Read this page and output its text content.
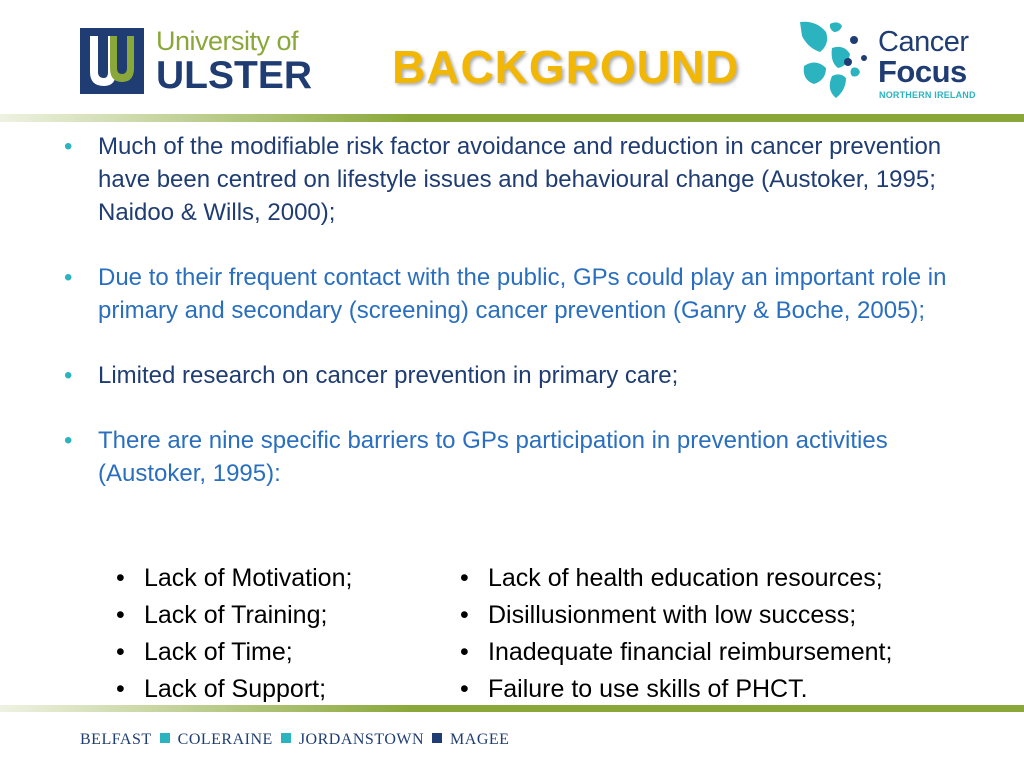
University of
ULSTER BACKGROUND	Cancer
Focus
NORTHERN IRELAND
• Much of the modifiable risk factor avoidance and reduction in cancer prevention have been centred on lifestyle issues and behavioural change (Austoker, 1995; Naidoo & Wills, 2000);
• Due to their frequent contact with the public, GPs could play an important role in primary and secondary (screening) cancer prevention (Ganry & Boche, 2005);
• Limited research on cancer prevention in primary care;
• There are nine specific barriers to GPs participation in prevention activities (Austoker, 1995):
• Lack of Motivation;
• Lack of Training;
• Lack of Time;
• Lack of Support;
• Lack of health education resources;
• Disillusionment with low success;
• Inadequate financial reimbursement;
• Failure to use skills of PHCT.
BELFAST COLERAINE JORDANSTOWN MAGEE
